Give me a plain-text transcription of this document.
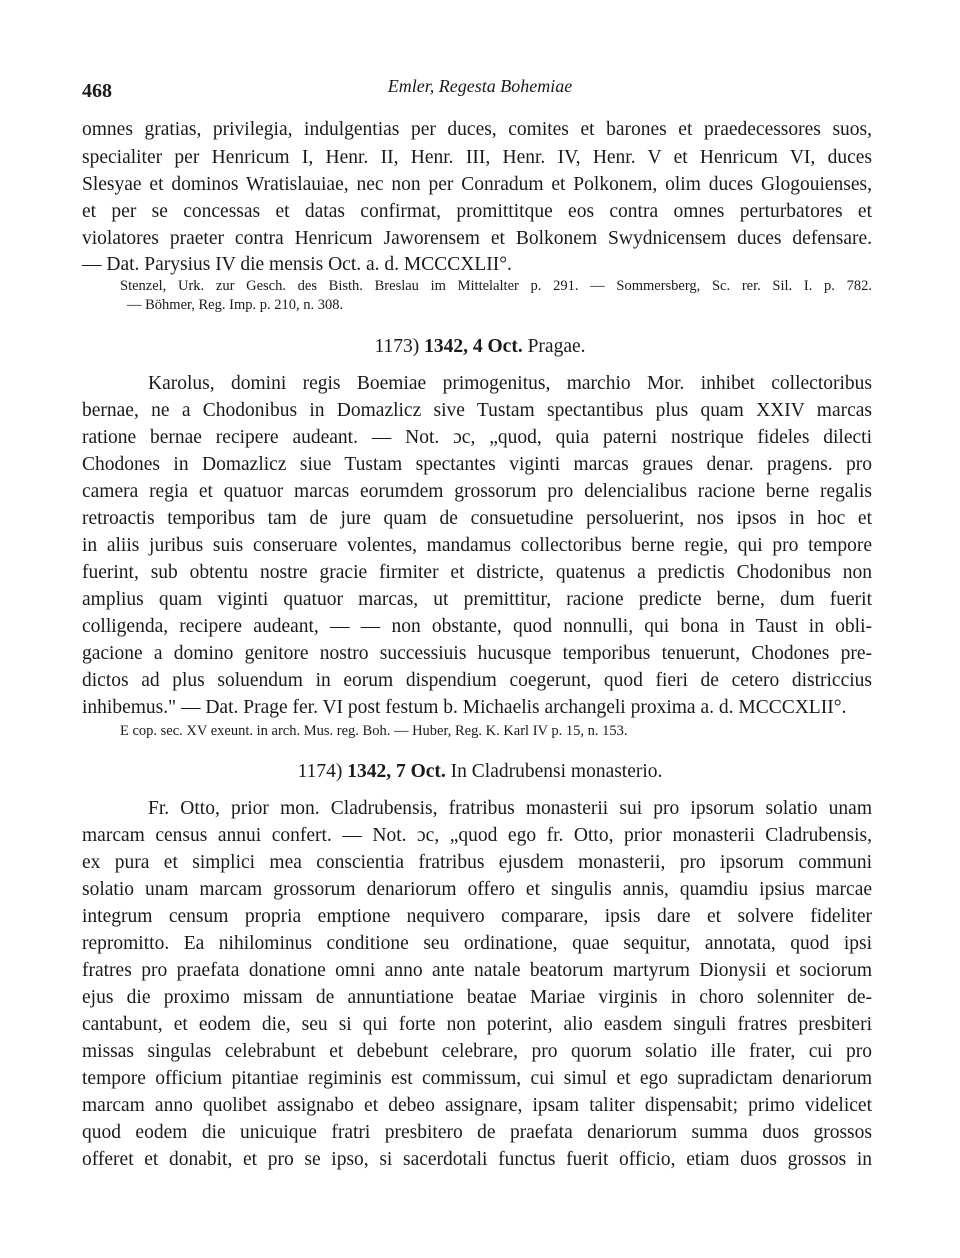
468	Emler, Regesta Bohemiae
omnes gratias, privilegia, indulgentias per duces, comites et barones et praedecessores suos,
specialiter per Henricum I, Henr. II, Henr. III, Henr. IV, Henr. V et Henricum VI, duces
Slesyae et dominos Wratislauiae, nec non per Conradum et Polkonem, olim duces Glogouienses,
et per se concessas et datas confirmat, promittitque eos contra omnes perturbatores et
violatores praeter contra Henricum Jaworensem et Bolkonem Swydnicensem duces defensare.
— Dat. Parysius IV die mensis Oct. a. d. MCCCXLII°.
Stenzel, Urk. zur Gesch. des Bisth. Breslau im Mittelalter p. 291. — Sommersberg, Sc. rer. Sil. I. p. 782.
— Böhmer, Reg. Imp. p. 210, n. 308.
1173) 1342, 4 Oct. Pragae.
Karolus, domini regis Boemiae primogenitus, marchio Mor. inhibet collectoribus
bernae, ne a Chodonibus in Domazlicz sive Tustam spectantibus plus quam XXIV marcas
ratione bernae recipere audeant. — Not. ɔc, „quod, quia paterni nostrique fideles dilecti
Chodones in Domazlicz siue Tustam spectantes viginti marcas graues denar. pragens. pro
camera regia et quatuor marcas eorumdem grossorum pro delencialibus racione berne regalis
retroactis temporibus tam de jure quam de consuetudine persoluerint, nos ipsos in hoc et
in aliis juribus suis conseruare volentes, mandamus collectoribus berne regie, qui pro tempore
fuerint, sub obtentu nostre gracie firmiter et districte, quatenus a predictis Chodonibus non
amplius quam viginti quatuor marcas, ut premittitur, racione predicte berne, dum fuerit
colligenda, recipere audeant, — — non obstante, quod nonnulli, qui bona in Taust in obli-
gacione a domino genitore nostro successiuis hucusque temporibus tenuerunt, Chodones pre-
dictos ad plus soluendum in eorum dispendium coegerunt, quod fieri de cetero districcius
inhibemus." — Dat. Prage fer. VI post festum b. Michaelis archangeli proxima a. d. MCCCXLII°.
E cop. sec. XV exeunt. in arch. Mus. reg. Boh. — Huber, Reg. K. Karl IV p. 15, n. 153.
1174) 1342, 7 Oct. In Cladrubensi monasterio.
Fr. Otto, prior mon. Cladrubensis, fratribus monasterii sui pro ipsorum solatio unam
marcam census annui confert. — Not. ɔc, „quod ego fr. Otto, prior monasterii Cladrubensis,
ex pura et simplici mea conscientia fratribus ejusdem monasterii, pro ipsorum communi
solatio unam marcam grossorum denariorum offero et singulis annis, quamdiu ipsius marcae
integrum censum propria emptione nequivero comparare, ipsis dare et solvere fideliter
repromitto. Ea nihilominus conditione seu ordinatione, quae sequitur, annotata, quod ipsi
fratres pro praefata donatione omni anno ante natale beatorum martyrum Dionysii et sociorum
ejus die proximo missam de annuntiatione beatae Mariae virginis in choro solenniter de-
cantabunt, et eodem die, seu si qui forte non poterint, alio easdem singuli fratres presbiteri
missas singulas celebrabunt et debebunt celebrare, pro quorum solatio ille frater, cui pro
tempore officium pitantiae regiminis est commissum, cui simul et ego supradictam denariorum
marcam anno quolibet assignabo et debeo assignare, ipsam taliter dispensabit; primo videlicet
quod eodem die unicuique fratri presbitero de praefata denariorum summa duos grossos
offeret et donabit, et pro se ipso, si sacerdotali functus fuerit officio, etiam duos grossos in
